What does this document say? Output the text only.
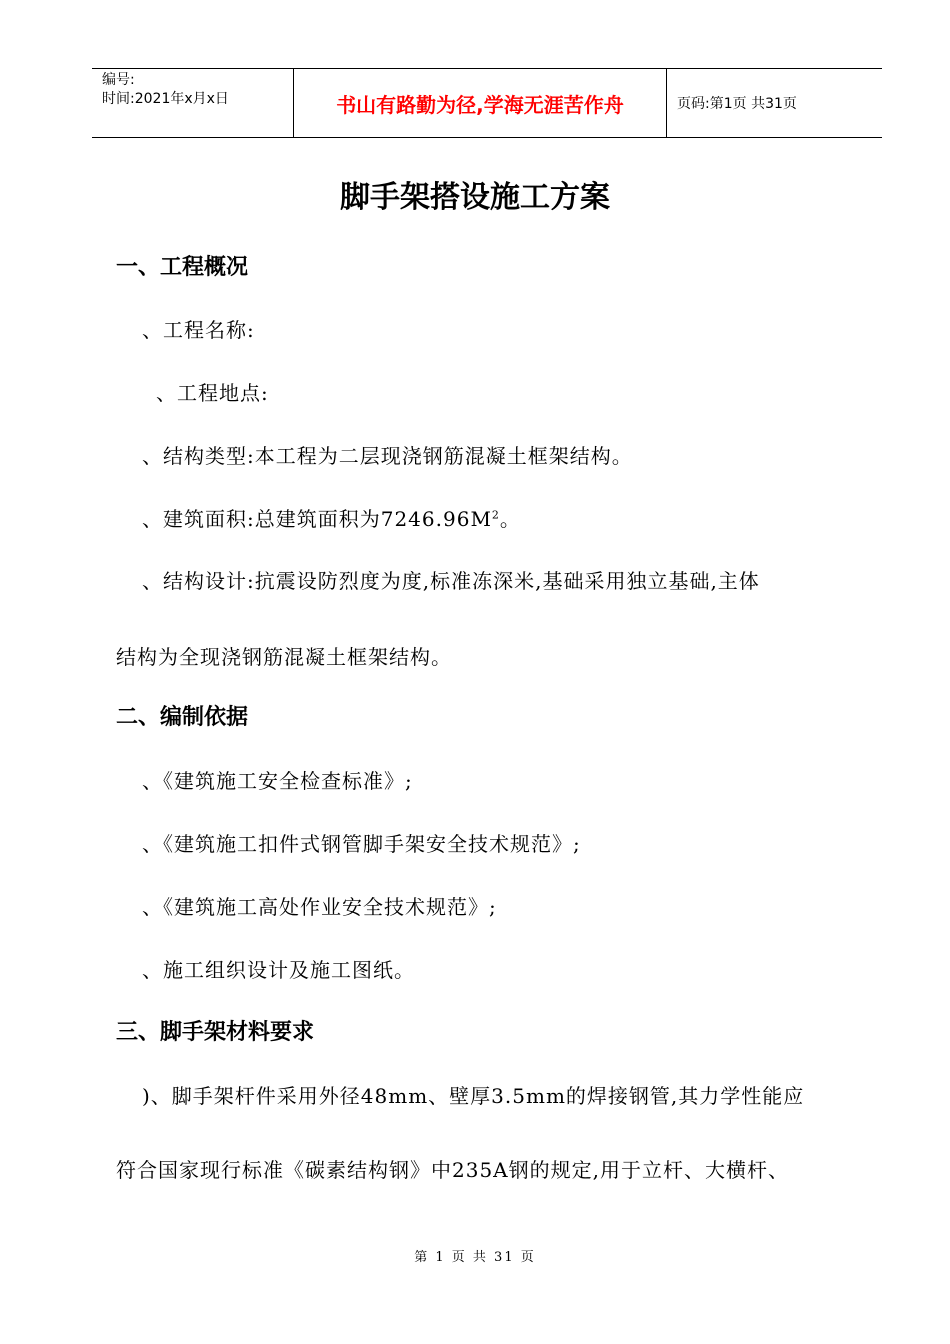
编号:
时间:2021年x月x日	书山有路勤为径,学海无涯苦作舟	页码:第1页 共31页
脚手架搭设施工方案
一、工程概况
、工程名称:
、工程地点:
、结构类型:本工程为二层现浇钢筋混凝土框架结构。
、建筑面积:总建筑面积为$7246.96M^2$。
、结构设计:抗震设防烈度为度,标准冻深米,基础采用独立基础,主体
结构为全现浇钢筋混凝土框架结构。
二、编制依据
、《建筑施工安全检查标准》;
、《建筑施工扣件式钢管脚手架安全技术规范》;
、《建筑施工高处作业安全技术规范》;
、施工组织设计及施工图纸。
三、脚手架材料要求
)、脚手架杆件采用外径48mm、壁厚3.5mm的焊接钢管,其力学性能应
符合国家现行标准《碳素结构钢》中235A钢的规定,用于立杆、大横杆、
第 1 页 共 31 页
